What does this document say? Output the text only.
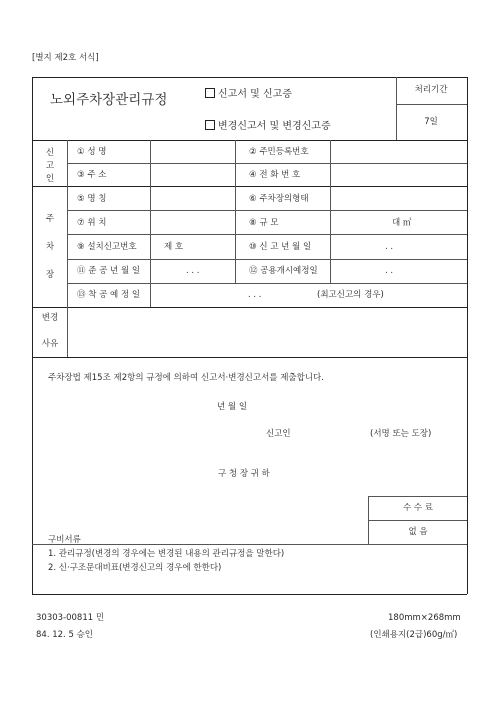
[별지 제2호 서식]
노외주차장관리규정	신고서 및 신고증
변경신고서 및 변경신고증
처리기간
7일
신
고
인
① 성 명	② 주민등록번호
③ 주 소	④ 전 화 번 호
주
차
장
⑤ 명 칭	⑥ 주차장의형태
⑦ 위 치	⑧ 규 모	대 ㎡
⑨ 설치신고번호	제 호	⑩ 신 고 년 월 일	. .
⑪ 준 공 년 월 일	. . .	⑫ 공용개시예정일	. .
⑬ 착 공 예 정 일	. . .	(최고신고의 경우)
변경
사유
주차장법 제15조 제2항의 규정에 의하여 신고서·변경신고서를 제출합니다.
년 월 일
신고인	(서명 또는 도장)
구 청 장 귀 하
수 수 료
없 음
구비서류
1. 관리규정(변경의 경우에는 변경된 내용의 관리규정을 말한다)
2. 신·구조문대비표(변경신고의 경우에 한한다)
30303-00811 민
84. 12. 5 승인
180mm×268mm
(인쇄용지(2급)60g/㎡)
